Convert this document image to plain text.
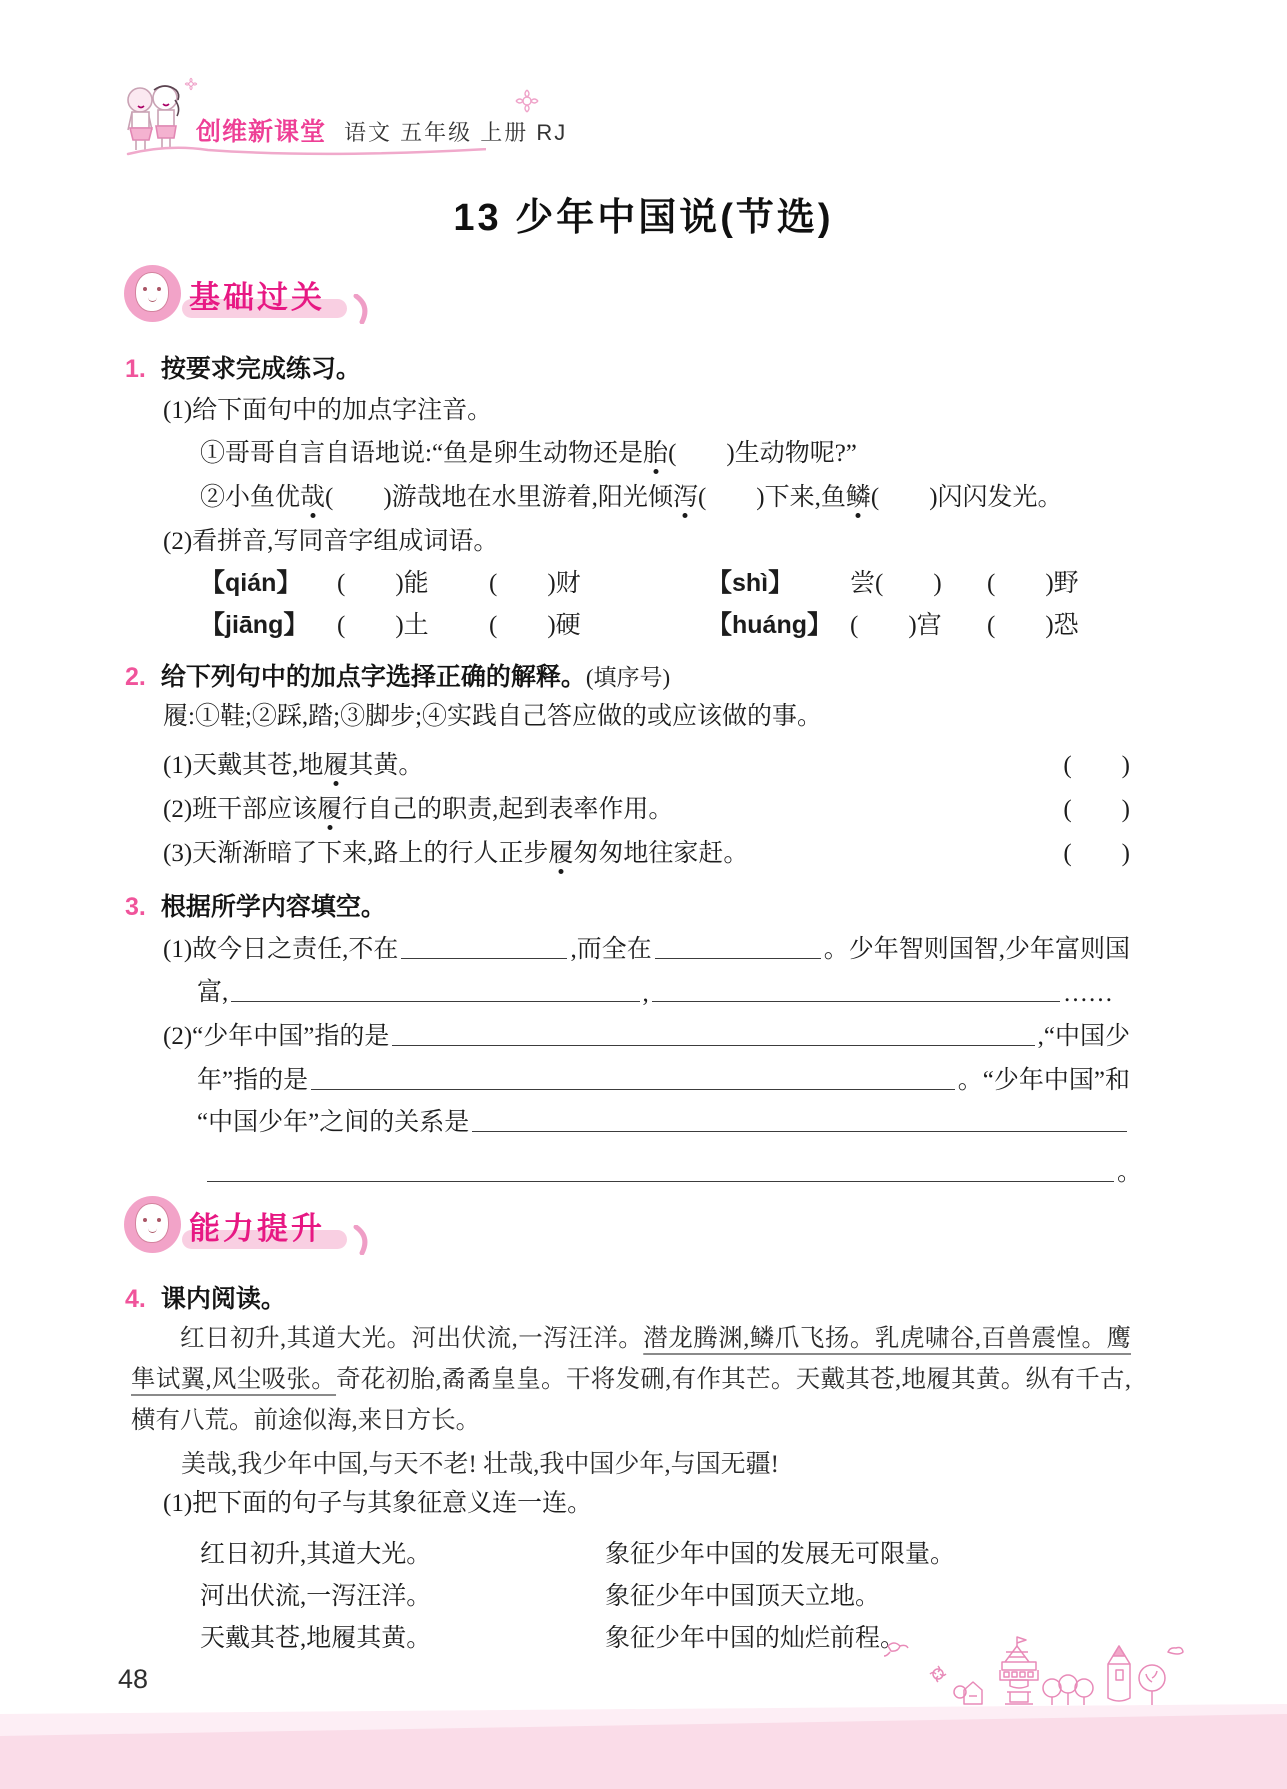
创维新课堂 语文 五年级 上册 RJ
13 少年中国说(节选)
基础过关
1. 按要求完成练习。
(1)给下面句中的加点字注音。
①哥哥自言自语地说:“鱼是卵生动物还是胎(　　)生动物呢?”
②小鱼优哉(　　)游哉地在水里游着,阳光倾泻(　　)下来,鱼鳞(　　)闪闪发光。
(2)看拼音,写同音字组成词语。
【qián】	(　　)能	(　　)财	【shì】	尝(　　)	(　　)野
【jiāng】	(　　)土	(　　)硬	【huáng】 (　　)宫	(　　)恐
2. 给下列句中的加点字选择正确的解释。(填序号)
履:①鞋;②踩,踏;③脚步;④实践自己答应做的或应该做的事。
(1)天戴其苍,地履其黄。	(　　)
(2)班干部应该履行自己的职责,起到表率作用。	(　　)
(3)天渐渐暗了下来,路上的行人正步履匆匆地往家赶。	(　　)
3. 根据所学内容填空。
(1)故今日之责任,不在	,而全在	。少年智则国智,少年富则国
富,	,	……
(2)“少年中国”指的是	,“中国少
年”指的是	。“少年中国”和
“中国少年”之间的关系是
。
能力提升
4. 课内阅读。
红日初升,其道大光。河出伏流,一泻汪洋。潜龙腾渊,鳞爪飞扬。乳虎啸谷,百兽震惶。鹰隼试翼,风尘吸张。奇花初胎,矞矞皇皇。干将发硎,有作其芒。天戴其苍,地履其黄。纵有千古,横有八荒。前途似海,来日方长。
美哉,我少年中国,与天不老! 壮哉,我中国少年,与国无疆!
(1)把下面的句子与其象征意义连一连。
红日初升,其道大光。	象征少年中国的发展无可限量。
河出伏流,一泻汪洋。	象征少年中国顶天立地。
天戴其苍,地履其黄。	象征少年中国的灿烂前程。
48
